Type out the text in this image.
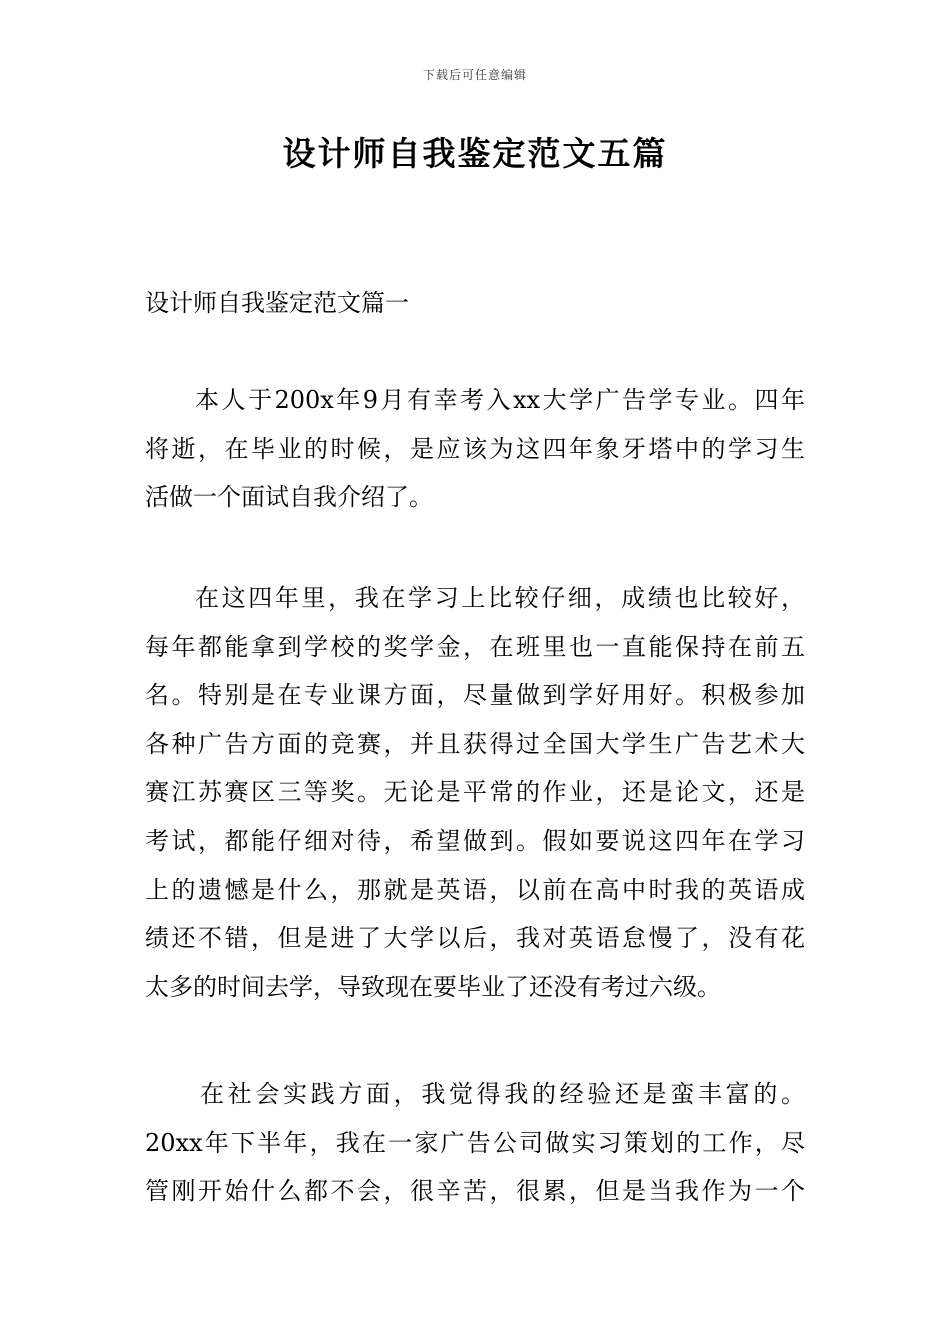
下载后可任意编辑
设计师自我鉴定范文五篇
设计师自我鉴定范文篇一

本人于200x年9月有幸考入xx大学广告学专业。四年
将逝，在毕业的时候，是应该为这四年象牙塔中的学习生
活做一个面试自我介绍了。

在这四年里，我在学习上比较仔细，成绩也比较好，
每年都能拿到学校的奖学金，在班里也一直能保持在前五
名。特别是在专业课方面，尽量做到学好用好。积极参加
各种广告方面的竞赛，并且获得过全国大学生广告艺术大
赛江苏赛区三等奖。无论是平常的作业，还是论文，还是
考试，都能仔细对待，希望做到。假如要说这四年在学习
上的遗憾是什么，那就是英语，以前在高中时我的英语成
绩还不错，但是进了大学以后，我对英语怠慢了，没有花
太多的时间去学，导致现在要毕业了还没有考过六级。

在社会实践方面，我觉得我的经验还是蛮丰富的。
20xx年下半年，我在一家广告公司做实习策划的工作，尽
管刚开始什么都不会，很辛苦，很累，但是当我作为一个
